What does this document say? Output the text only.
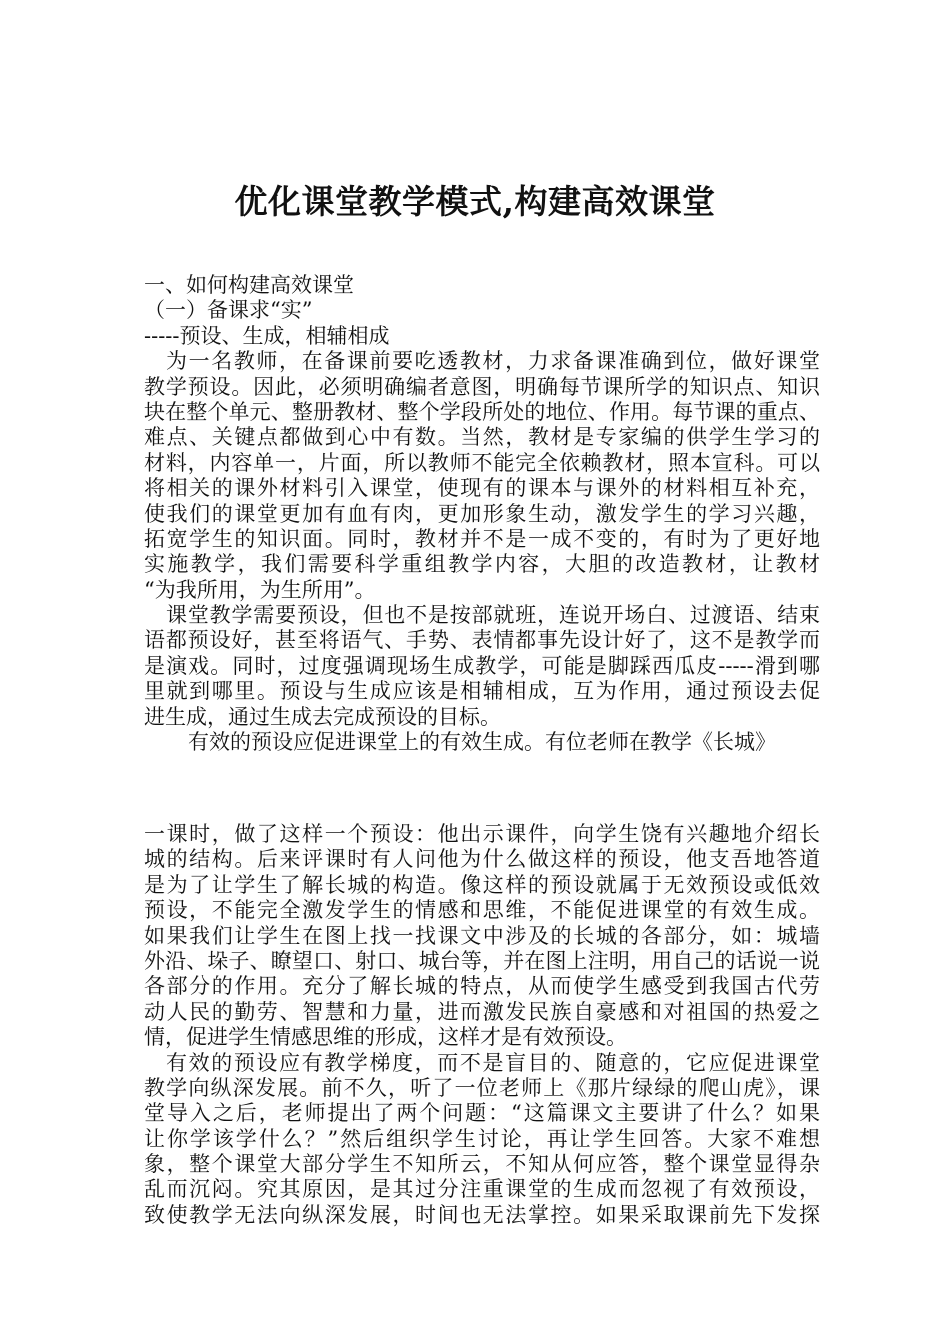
优化课堂教学模式,构建高效课堂
一、如何构建高效课堂
（一）备课求“实”
-----预设、生成，相辅相成
为一名教师，在备课前要吃透教材，力求备课准确到位，做好课堂
教学预设。因此，必须明确编者意图，明确每节课所学的知识点、知识
块在整个单元、整册教材、整个学段所处的地位、作用。每节课的重点、
难点、关键点都做到心中有数。当然，教材是专家编的供学生学习的
材料，内容单一，片面，所以教师不能完全依赖教材，照本宣科。可以
将相关的课外材料引入课堂，使现有的课本与课外的材料相互补充，
使我们的课堂更加有血有肉，更加形象生动，激发学生的学习兴趣，
拓宽学生的知识面。同时，教材并不是一成不变的，有时为了更好地
实施教学，我们需要科学重组教学内容，大胆的改造教材，让教材
“为我所用，为生所用”。
课堂教学需要预设，但也不是按部就班，连说开场白、过渡语、结束
语都预设好，甚至将语气、手势、表情都事先设计好了，这不是教学而
是演戏。同时，过度强调现场生成教学，可能是脚踩西瓜皮-----滑到哪
里就到哪里。预设与生成应该是相辅相成，互为作用，通过预设去促
进生成，通过生成去完成预设的目标。
有效的预设应促进课堂上的有效生成。有位老师在教学《长城》
一课时，做了这样一个预设：他出示课件，向学生饶有兴趣地介绍长
城的结构。后来评课时有人问他为什么做这样的预设，他支吾地答道
是为了让学生了解长城的构造。像这样的预设就属于无效预设或低效
预设，不能完全激发学生的情感和思维，不能促进课堂的有效生成。
如果我们让学生在图上找一找课文中涉及的长城的各部分，如：城墙
外沿、垛子、瞭望口、射口、城台等，并在图上注明，用自己的话说一说
各部分的作用。充分了解长城的特点，从而使学生感受到我国古代劳
动人民的勤劳、智慧和力量，进而激发民族自豪感和对祖国的热爱之
情，促进学生情感思维的形成，这样才是有效预设。
有效的预设应有教学梯度，而不是盲目的、随意的，它应促进课堂
教学向纵深发展。前不久，听了一位老师上《那片绿绿的爬山虎》，课
堂导入之后，老师提出了两个问题：“这篇课文主要讲了什么？如果
让你学该学什么？”然后组织学生讨论，再让学生回答。大家不难想
象，整个课堂大部分学生不知所云，不知从何应答，整个课堂显得杂
乱而沉闷。究其原因，是其过分注重课堂的生成而忽视了有效预设，
致使教学无法向纵深发展，时间也无法掌控。如果采取课前先下发探
